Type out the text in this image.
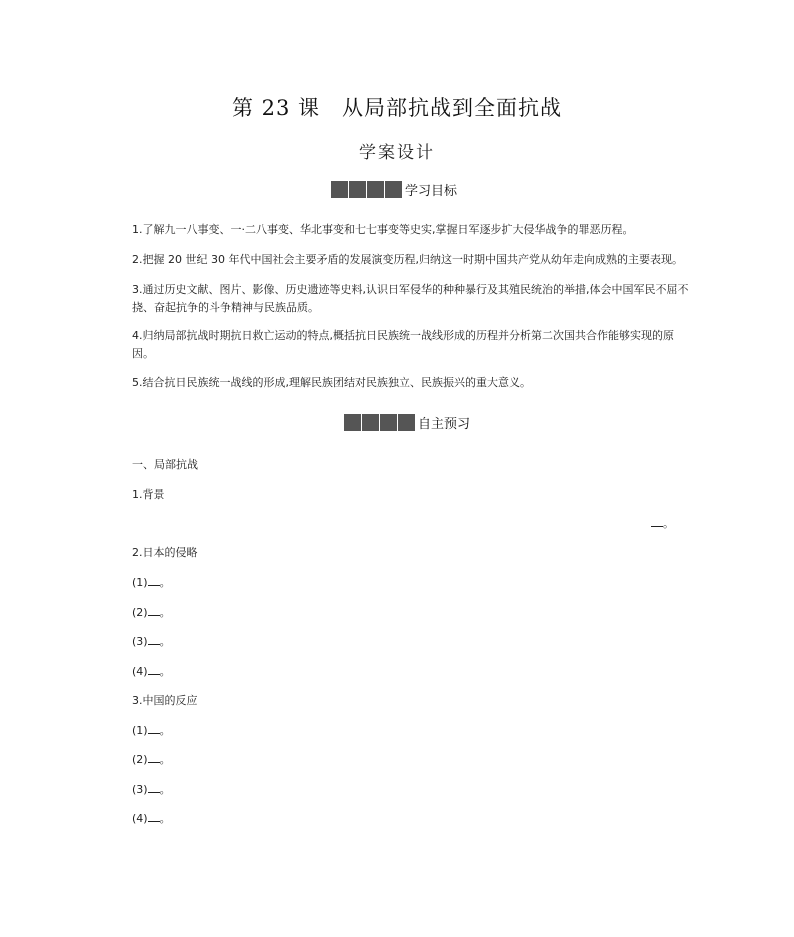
第 23 课　从局部抗战到全面抗战
学案设计
学习目标
1.了解九一八事变、一·二八事变、华北事变和七七事变等史实,掌握日军逐步扩大侵华战争的罪恶历程。
2.把握 20 世纪 30 年代中国社会主要矛盾的发展演变历程,归纳这一时期中国共产党从幼年走向成熟的主要表现。
3.通过历史文献、图片、影像、历史遗迹等史料,认识日军侵华的种种暴行及其殖民统治的举措,体会中国军民不屈不挠、奋起抗争的斗争精神与民族品质。
4.归纳局部抗战时期抗日救亡运动的特点,概括抗日民族统一战线形成的历程并分析第二次国共合作能够实现的原因。
5.结合抗日民族统一战线的形成,理解民族团结对民族独立、民族振兴的重大意义。
自主预习
一、局部抗战
1.背景
。
2.日本的侵略
(1) 。
(2) 。
(3) 。
(4) 。
3.中国的反应
(1) 。
(2) 。
(3) 。
(4) 。
